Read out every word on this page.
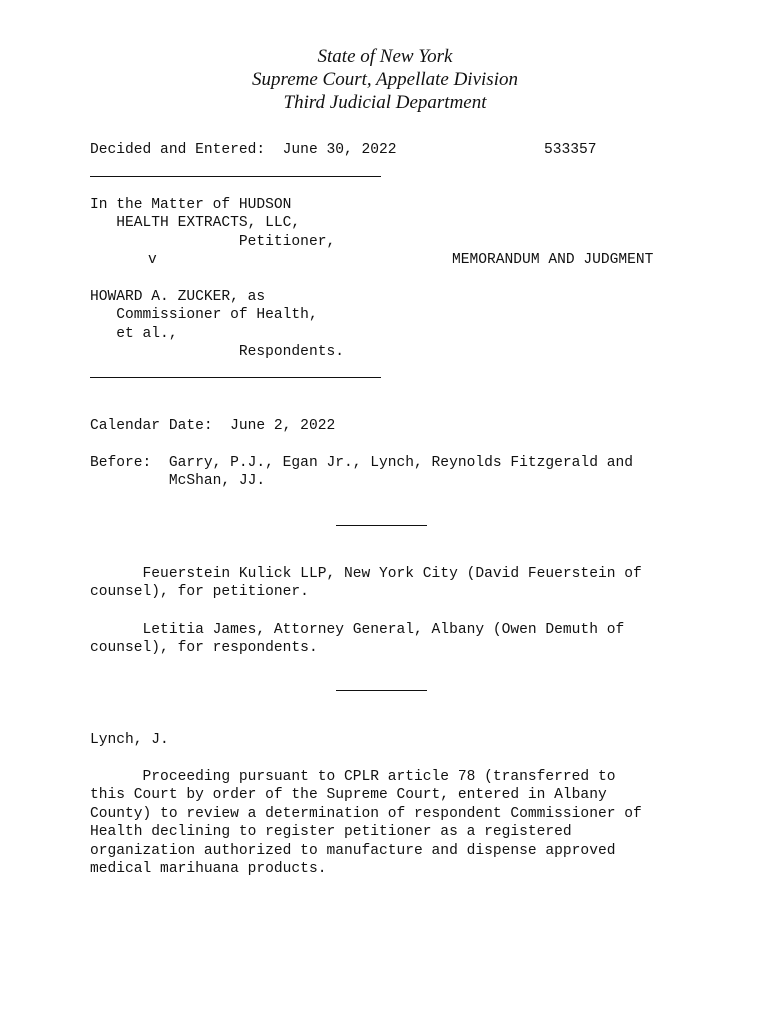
State of New York
Supreme Court, Appellate Division
Third Judicial Department
Decided and Entered:  June 30, 2022	533357
In the Matter of HUDSON
HEALTH EXTRACTS, LLC,
Petitioner,
v	MEMORANDUM AND JUDGMENT
HOWARD A. ZUCKER, as
Commissioner of Health,
et al.,
Respondents.
Calendar Date:  June 2, 2022
Before:  Garry, P.J., Egan Jr., Lynch, Reynolds Fitzgerald and
McShan, JJ.
Feuerstein Kulick LLP, New York City (David Feuerstein of
counsel), for petitioner.
Letitia James, Attorney General, Albany (Owen Demuth of
counsel), for respondents.
Lynch, J.
Proceeding pursuant to CPLR article 78 (transferred to
this Court by order of the Supreme Court, entered in Albany
County) to review a determination of respondent Commissioner of
Health declining to register petitioner as a registered
organization authorized to manufacture and dispense approved
medical marihuana products.
